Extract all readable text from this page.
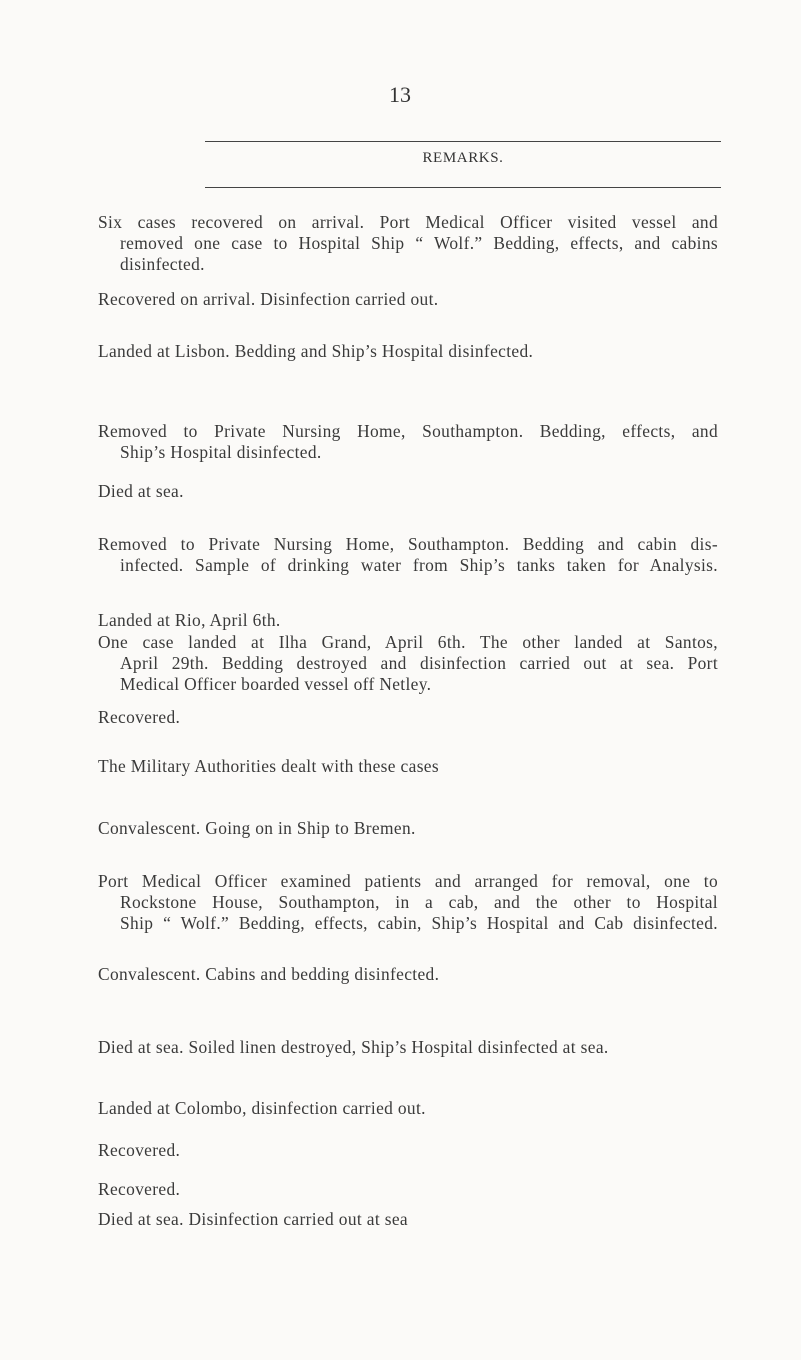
13
REMARKS.
Six cases recovered on arrival. Port Medical Officer visited vessel and
removed one case to Hospital Ship “ Wolf.” Bedding, effects, and cabins
disinfected.
Recovered on arrival. Disinfection carried out.
Landed at Lisbon. Bedding and Ship’s Hospital disinfected.
Removed to Private Nursing Home, Southampton. Bedding, effects, and
Ship’s Hospital disinfected.
Died at sea.
Removed to Private Nursing Home, Southampton. Bedding and cabin dis-
infected. Sample of drinking water from Ship’s tanks taken for Analysis.
Landed at Rio, April 6th.
One case landed at Ilha Grand, April 6th. The other landed at Santos,
April 29th. Bedding destroyed and disinfection carried out at sea. Port
Medical Officer boarded vessel off Netley.
Recovered.
The Military Authorities dealt with these cases
Convalescent. Going on in Ship to Bremen.
Port Medical Officer examined patients and arranged for removal, one to
Rockstone House, Southampton, in a cab, and the other to Hospital
Ship “ Wolf.” Bedding, effects, cabin, Ship’s Hospital and Cab disinfected.
Convalescent. Cabins and bedding disinfected.
Died at sea. Soiled linen destroyed, Ship’s Hospital disinfected at sea.
Landed at Colombo, disinfection carried out.
Recovered.
Recovered.
Died at sea. Disinfection carried out at sea
